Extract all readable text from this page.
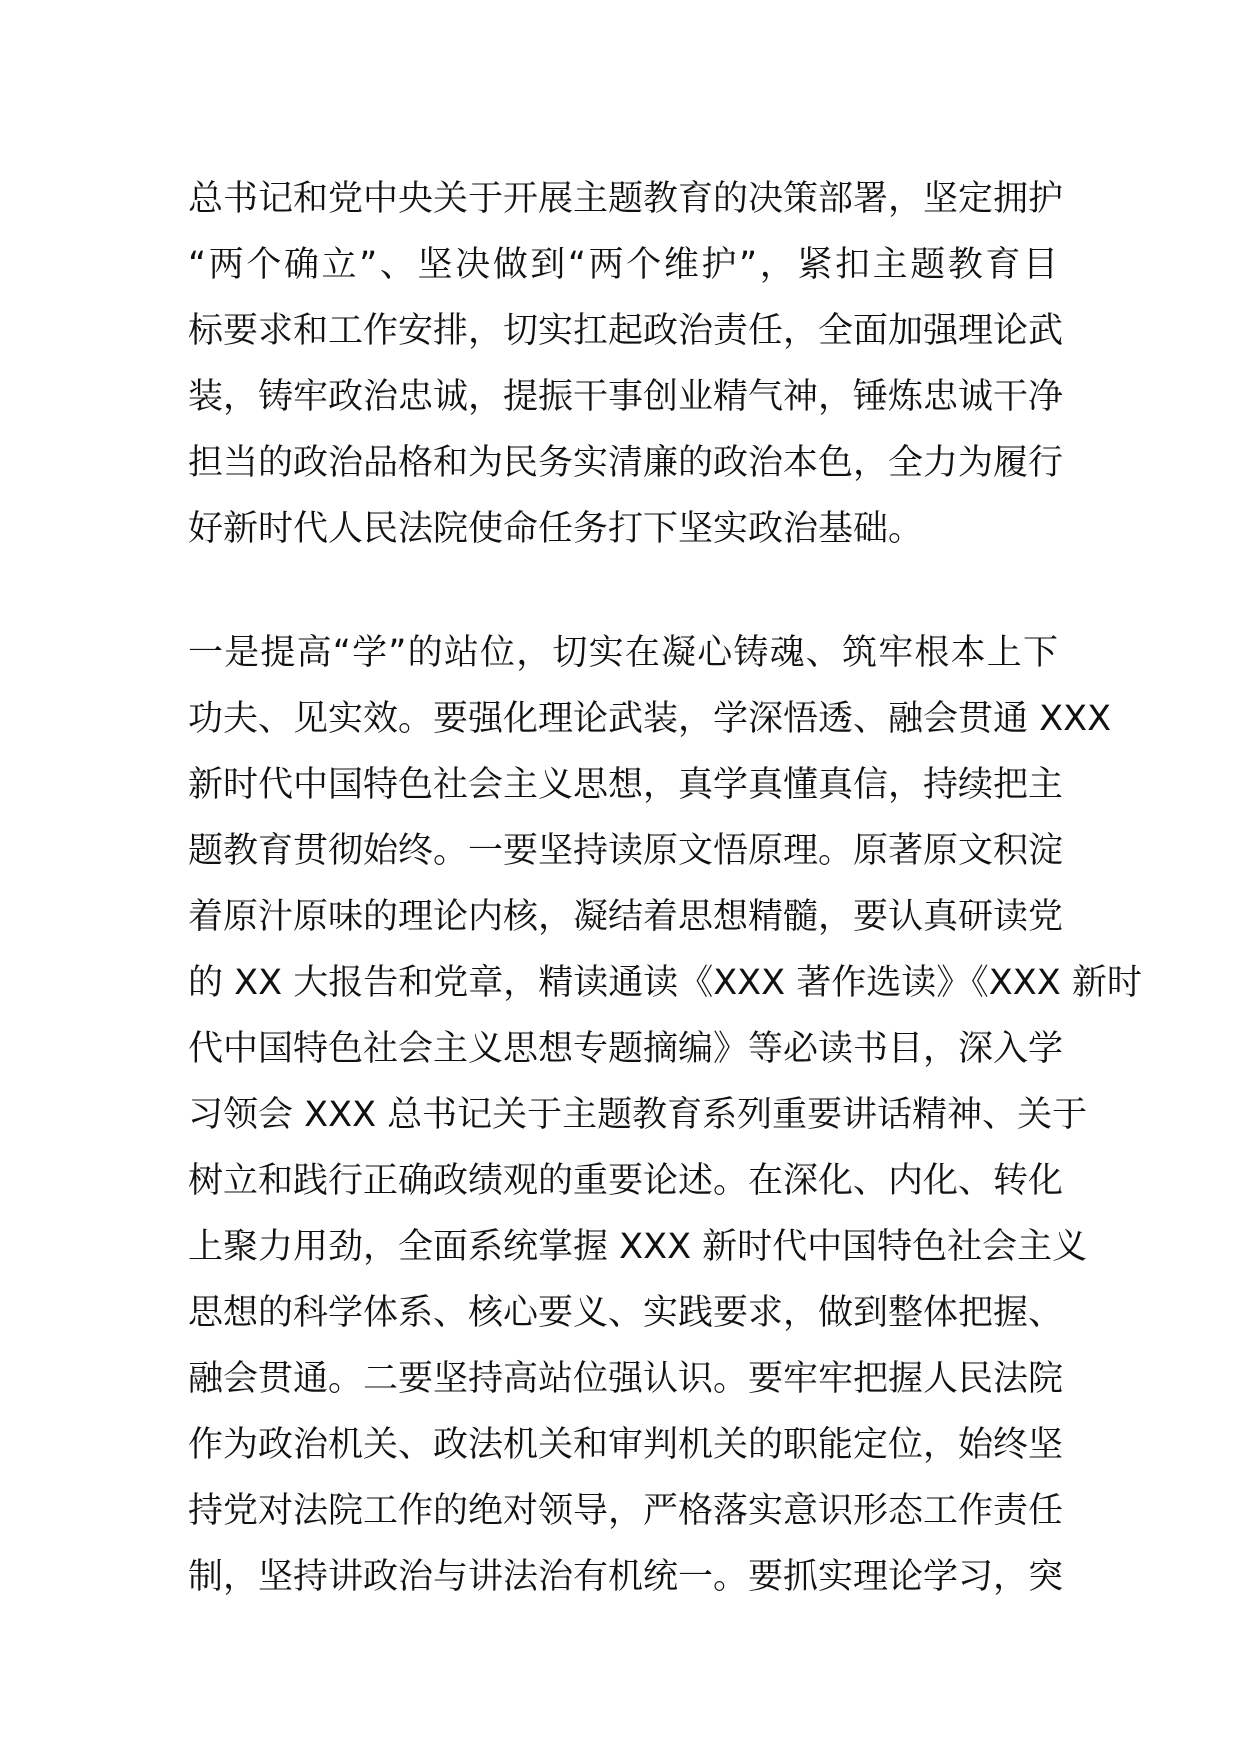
总书记和党中央关于开展主题教育的决策部署，坚定拥护
“两个确立”、坚决做到“两个维护”，紧扣主题教育目
标要求和工作安排，切实扛起政治责任，全面加强理论武
装，铸牢政治忠诚，提振干事创业精气神，锤炼忠诚干净
担当的政治品格和为民务实清廉的政治本色，全力为履行
好新时代人民法院使命任务打下坚实政治基础。
一是提高“学”的站位，切实在凝心铸魂、筑牢根本上下
功夫、见实效。要强化理论武装，学深悟透、融会贯通 XXX
新时代中国特色社会主义思想，真学真懂真信，持续把主
题教育贯彻始终。一要坚持读原文悟原理。原著原文积淀
着原汁原味的理论内核，凝结着思想精髓，要认真研读党
的 XX 大报告和党章，精读通读《XXX 著作选读》《XXX 新时
代中国特色社会主义思想专题摘编》等必读书目，深入学
习领会 XXX 总书记关于主题教育系列重要讲话精神、关于
树立和践行正确政绩观的重要论述。在深化、内化、转化
上聚力用劲，全面系统掌握 XXX 新时代中国特色社会主义
思想的科学体系、核心要义、实践要求，做到整体把握、
融会贯通。二要坚持高站位强认识。要牢牢把握人民法院
作为政治机关、政法机关和审判机关的职能定位，始终坚
持党对法院工作的绝对领导，严格落实意识形态工作责任
制，坚持讲政治与讲法治有机统一。要抓实理论学习，突
